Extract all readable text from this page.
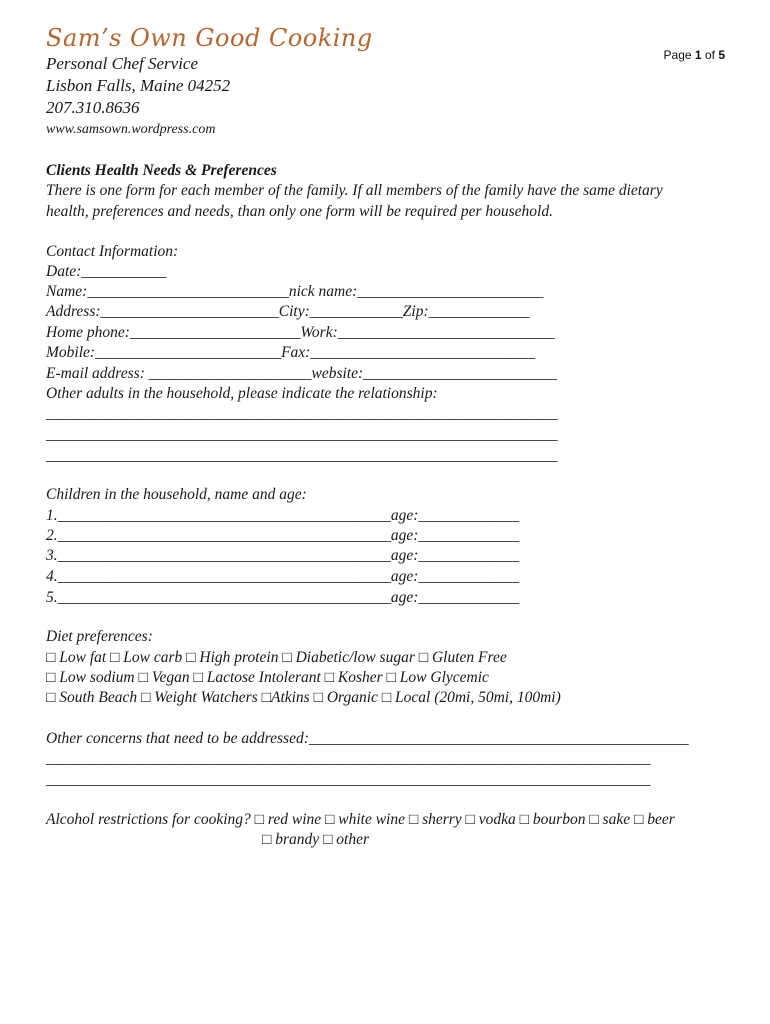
Sam’s Own Good Cooking
Page 1 of 5
Personal Chef Service
Lisbon Falls, Maine 04252
207.310.8636
www.samsown.wordpress.com
Clients Health Needs & Preferences
There is one form for each member of the family. If all members of the family have the same dietary
health, preferences and needs, than only one form will be required per household.
Contact Information:
Date:___________
Name:__________________________nick name:________________________
Address:_______________________City:____________Zip:_____________
Home phone:______________________Work:____________________________
Mobile:________________________Fax:_____________________________
E-mail address: _____________________website:_________________________
Other adults in the household, please indicate the relationship:
__________________________________________________________________
__________________________________________________________________
__________________________________________________________________
Children in the household, name and age:
1.___________________________________________age:_____________
2.___________________________________________age:_____________
3.___________________________________________age:_____________
4.___________________________________________age:_____________
5.___________________________________________age:_____________
Diet preferences:
□ Low fat □ Low carb □ High protein □ Diabetic/low sugar □ Gluten Free
□ Low sodium □ Vegan □ Lactose Intolerant □ Kosher □ Low Glycemic
□ South Beach □ Weight Watchers □Atkins □ Organic □ Local (20mi, 50mi, 100mi)
Other concerns that need to be addressed:_________________________________________________
______________________________________________________________________________
______________________________________________________________________________
Alcohol restrictions for cooking? □ red wine □ white wine □ sherry □ vodka □ bourbon □ sake □ beer
□ brandy □ other
